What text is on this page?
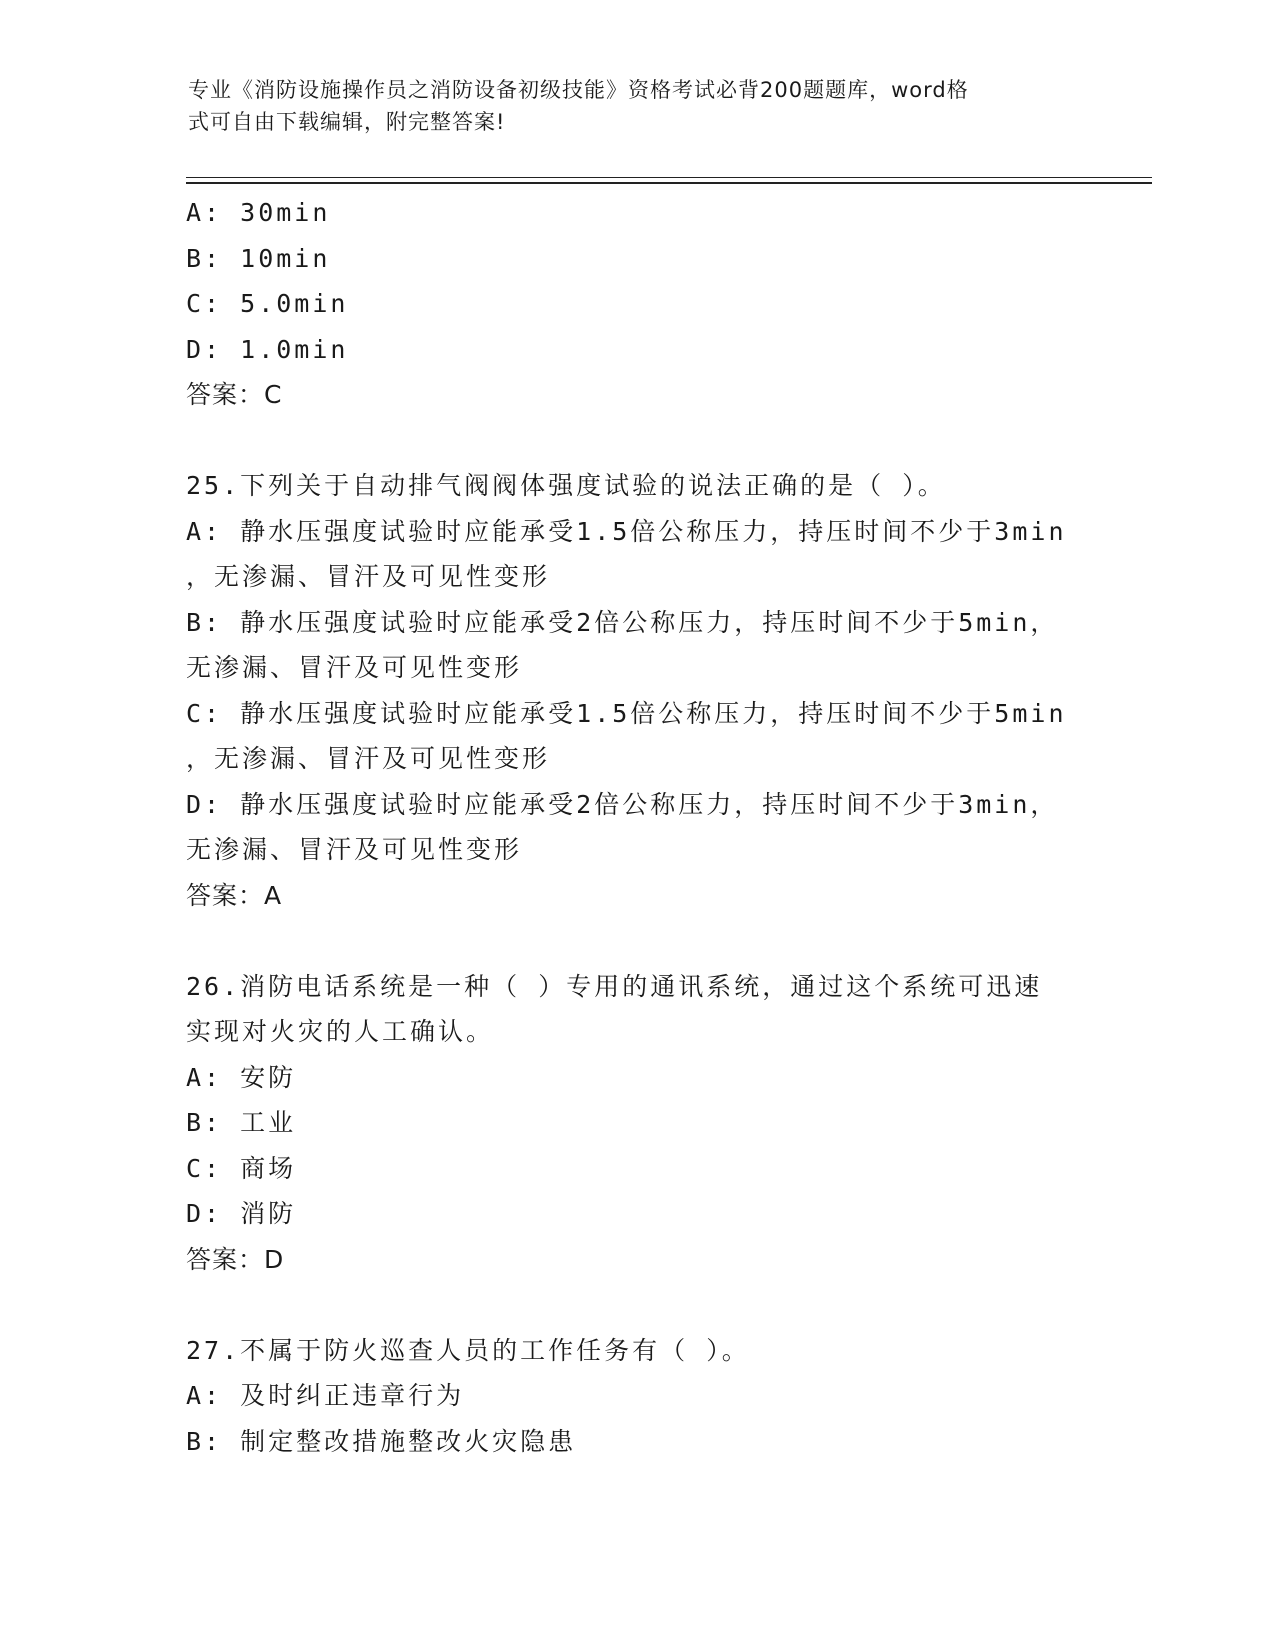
专业《消防设施操作员之消防设备初级技能》资格考试必背200题题库，word格
式可自由下载编辑，附完整答案!
A: 30min
B: 10min
C: 5.0min
D: 1.0min
答案：C
25.下列关于自动排气阀阀体强度试验的说法正确的是（ ）。
A: 静水压强度试验时应能承受1.5倍公称压力，持压时间不少于3min
，无渗漏、冒汗及可见性变形
B: 静水压强度试验时应能承受2倍公称压力，持压时间不少于5min，
无渗漏、冒汗及可见性变形
C: 静水压强度试验时应能承受1.5倍公称压力，持压时间不少于5min
，无渗漏、冒汗及可见性变形
D: 静水压强度试验时应能承受2倍公称压力，持压时间不少于3min，
无渗漏、冒汗及可见性变形
答案：A
26.消防电话系统是一种（ ）专用的通讯系统，通过这个系统可迅速
实现对火灾的人工确认。
A: 安防
B: 工业
C: 商场
D: 消防
答案：D
27.不属于防火巡查人员的工作任务有（ ）。
A: 及时纠正违章行为
B: 制定整改措施整改火灾隐患
